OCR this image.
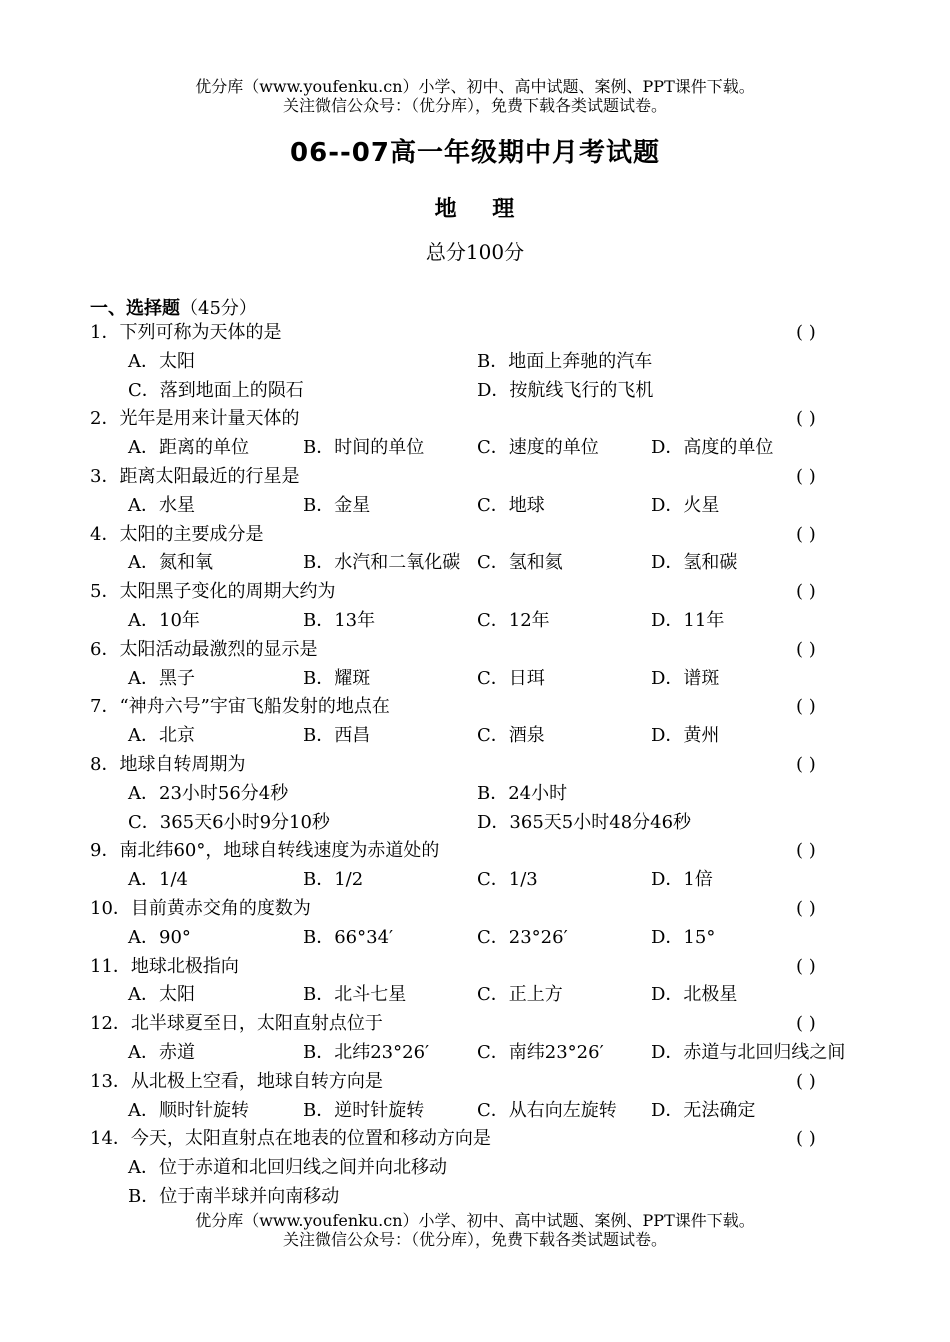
优分库（www.youfenku.cn）小学、初中、高中试题、案例、PPT课件下载。
关注微信公众号：（优分库），免费下载各类试题试卷。
06--07高一年级期中月考试题
地    理
总分100分
一、选择题（45分）
1．下列可称为天体的是	( )
A．太阳	B．地面上奔驰的汽车
C．落到地面上的陨石	D．按航线飞行的飞机
2．光年是用来计量天体的	( )
A．距离的单位	B．时间的单位	C．速度的单位	D．高度的单位
3．距离太阳最近的行星是	( )
A．水星	B．金星	C．地球	D．火星
4．太阳的主要成分是	( )
A．氮和氧	B．水汽和二氧化碳 C．氢和氦	D．氢和碳
5．太阳黑子变化的周期大约为	( )
A．10年	B．13年	C．12年	D．11年
6．太阳活动最激烈的显示是	( )
A．黑子	B．耀斑	C．日珥	D．谱斑
7．“神舟六号”宇宙飞船发射的地点在	( )
A．北京	B．西昌	C．酒泉	D．黄州
8．地球自转周期为	( )
A．23小时56分4秒	B．24小时
C．365天6小时9分10秒	D．365天5小时48分46秒
9．南北纬60°，地球自转线速度为赤道处的	( )
A．1/4	B．1/2	C．1/3	D．1倍
10．目前黄赤交角的度数为	( )
A．90°	B．66°34′	C．23°26′	D．15°
11．地球北极指向	( )
A．太阳	B．北斗七星	C．正上方	D．北极星
12．北半球夏至日，太阳直射点位于	( )
A．赤道	B．北纬23°26′	C．南纬23°26′	D．赤道与北回归线之间
13．从北极上空看，地球自转方向是	( )
A．顺时针旋转	B．逆时针旋转	C．从右向左旋转 D．无法确定
14．今天，太阳直射点在地表的位置和移动方向是	( )
A．位于赤道和北回归线之间并向北移动
B．位于南半球并向南移动
优分库（www.youfenku.cn）小学、初中、高中试题、案例、PPT课件下载。
关注微信公众号：（优分库），免费下载各类试题试卷。
